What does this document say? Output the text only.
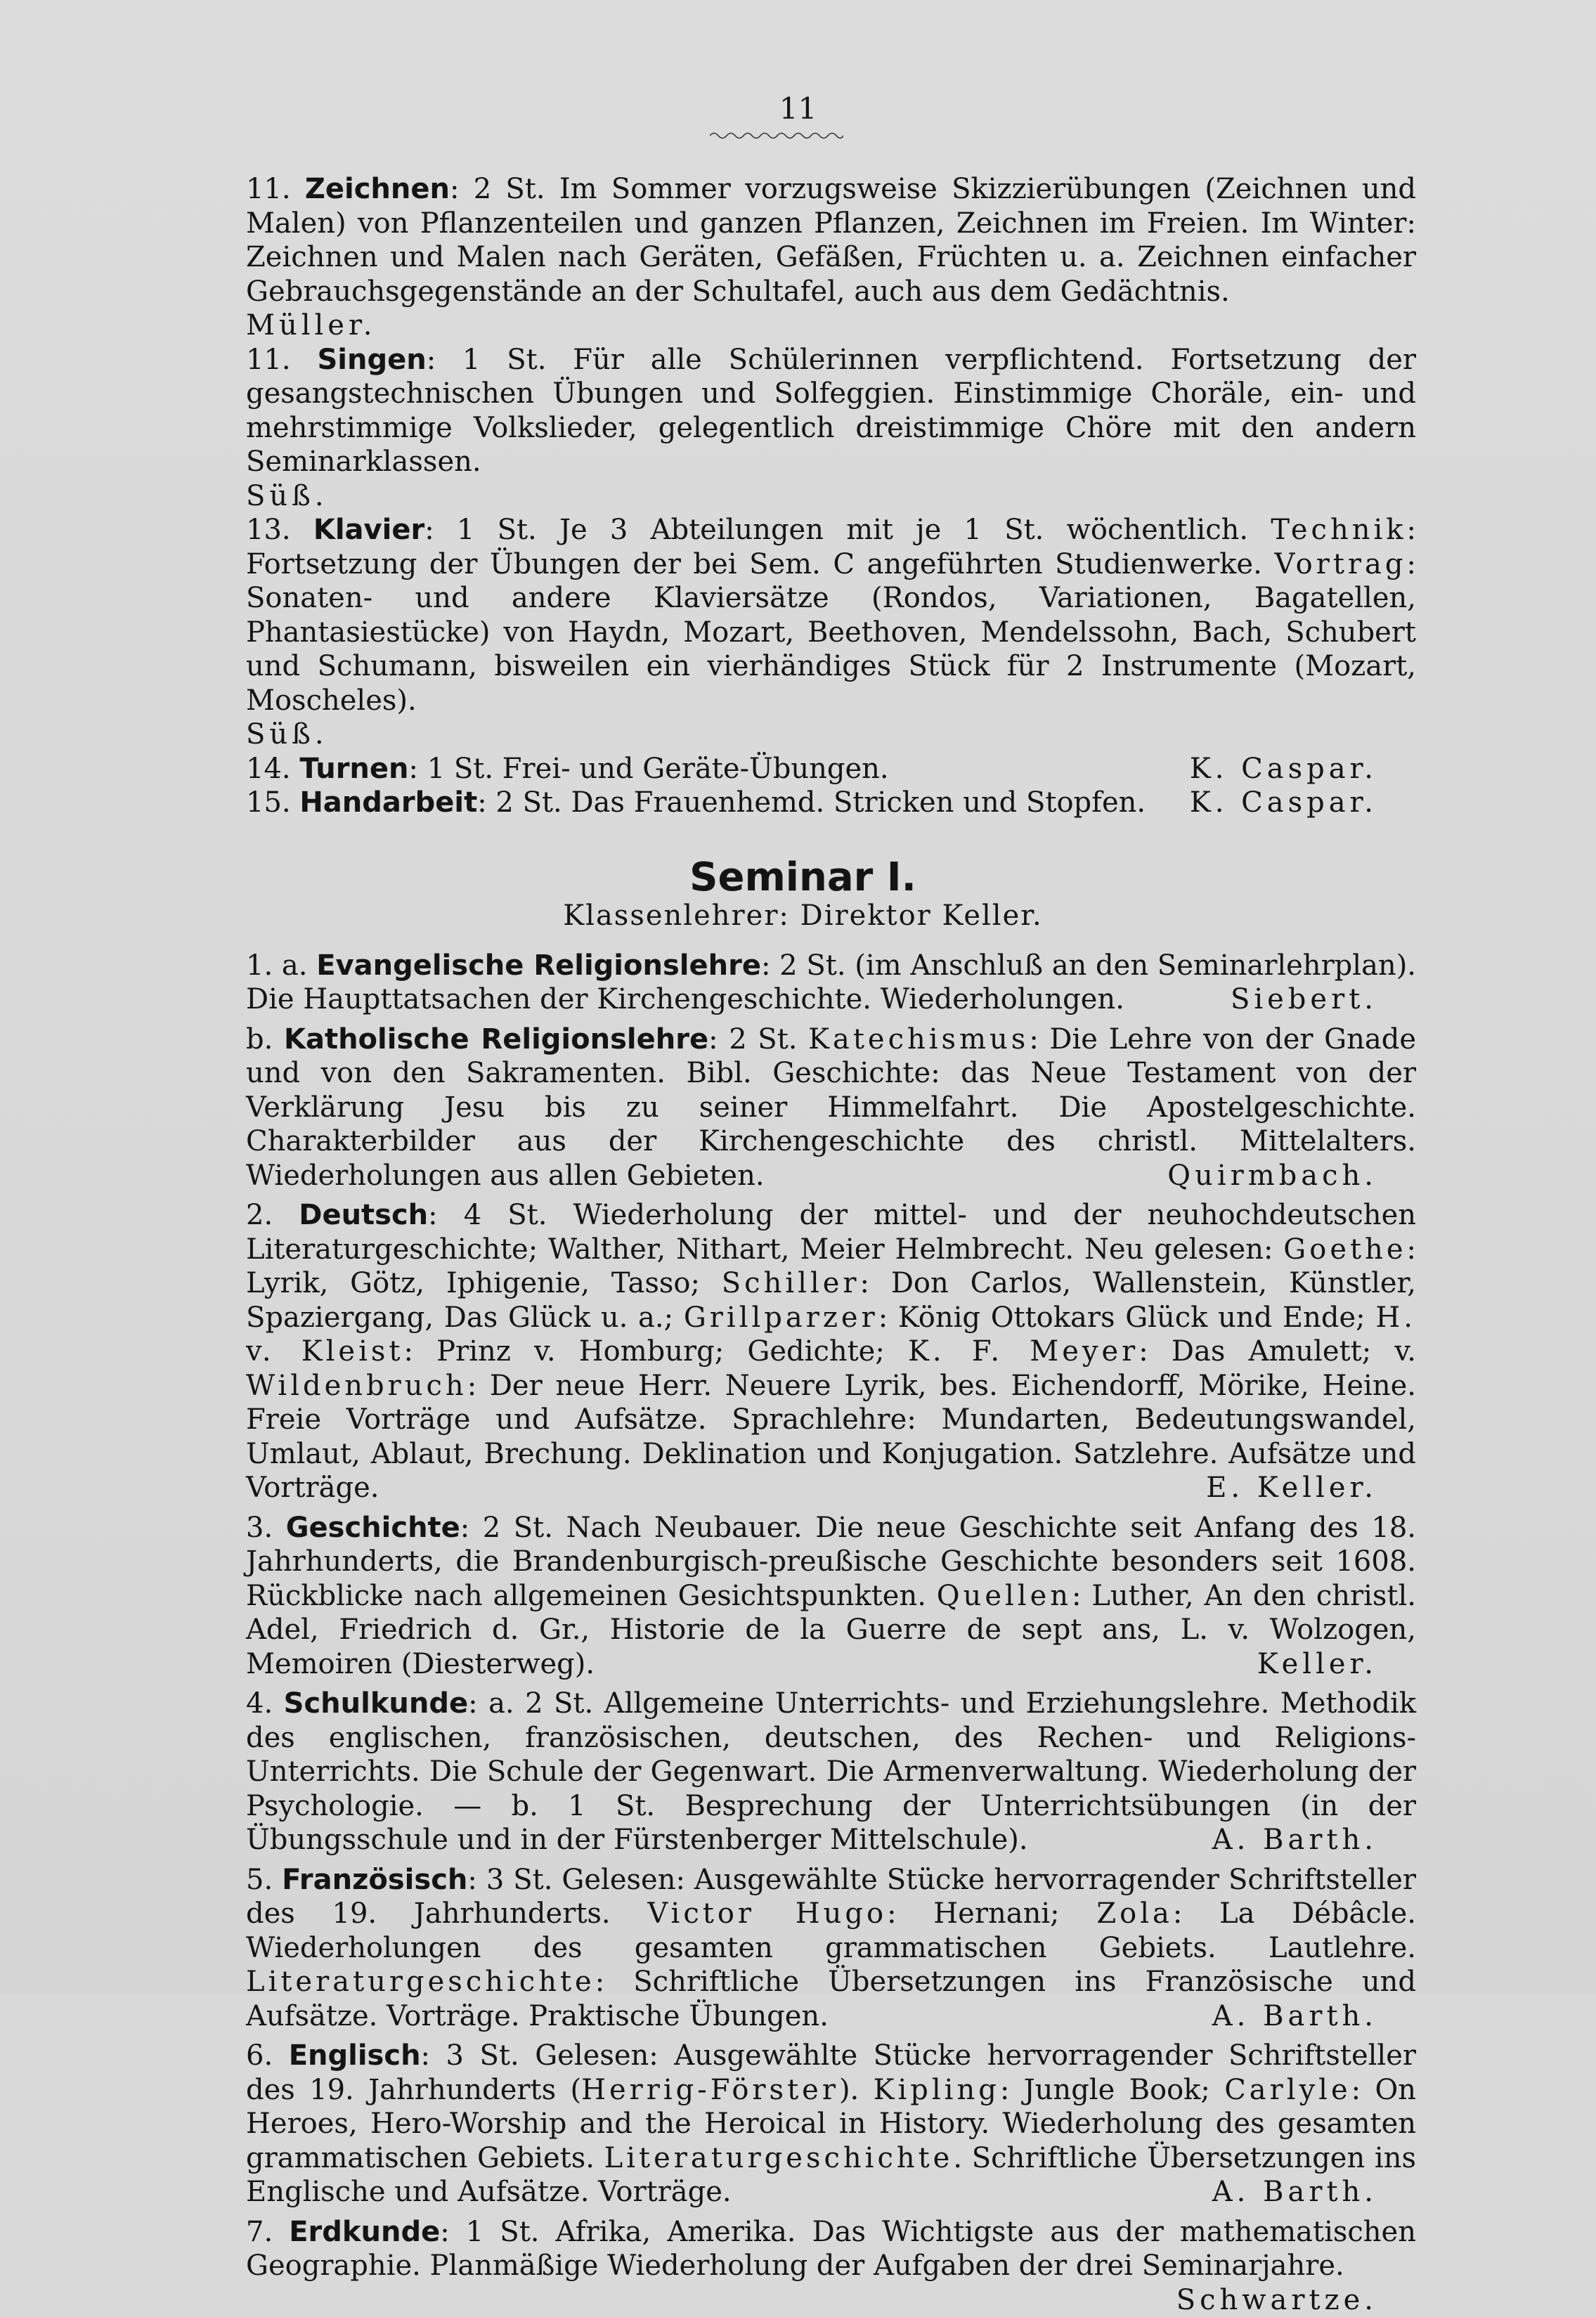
11

11. Zeichnen: 2 St. Im Sommer vorzugsweise Skizzierübungen (Zeichnen und Malen) von Pflanzenteilen und ganzen Pflanzen, Zeichnen im Freien. Im Winter: Zeichnen und Malen nach Geräten, Gefäßen, Früchten u. a. Zeichnen einfacher Gebrauchsgegenstände an der Schultafel, auch aus dem Gedächtnis.
Müller.

11. Singen: 1 St. Für alle Schülerinnen verpflichtend. Fortsetzung der gesangstechnischen Übungen und Solfeggien. Einstimmige Choräle, ein- und mehrstimmige Volkslieder, gelegentlich dreistimmige Chöre mit den andern Seminarklassen.
Süß.

13. Klavier: 1 St. Je 3 Abteilungen mit je 1 St. wöchentlich. Technik: Fortsetzung der Übungen der bei Sem. C angeführten Studienwerke. Vortrag: Sonaten- und andere Klaviersätze (Rondos, Variationen, Bagatellen, Phantasiestücke) von Haydn, Mozart, Beethoven, Mendelssohn, Bach, Schubert und Schumann, bisweilen ein vierhändiges Stück für 2 Instrumente (Mozart, Moscheles).
Süß.

14. Turnen: 1 St. Frei- und Geräte-Übungen.	K. Caspar.

15. Handarbeit: 2 St. Das Frauenhemd. Stricken und Stopfen. K. Caspar.

Seminar I.
Klassenlehrer: Direktor Keller.

1. a. Evangelische Religionslehre: 2 St. (im Anschluß an den Seminarlehrplan). Die Haupttatsachen der Kirchengeschichte. Wiederholungen.	Siebert.

b. Katholische Religionslehre: 2 St. Katechismus: Die Lehre von der Gnade und von den Sakramenten. Bibl. Geschichte: das Neue Testament von der Verklärung Jesu bis zu seiner Himmelfahrt. Die Apostelgeschichte. Charakterbilder aus der Kirchengeschichte des christl. Mittelalters. Wiederholungen aus allen Gebieten.	Quirmbach.

2. Deutsch: 4 St. Wiederholung der mittel- und der neuhochdeutschen Literaturgeschichte; Walther, Nithart, Meier Helmbrecht. Neu gelesen: Goethe: Lyrik, Götz, Iphigenie, Tasso; Schiller: Don Carlos, Wallenstein, Künstler, Spaziergang, Das Glück u. a.; Grillparzer: König Ottokars Glück und Ende; H. v. Kleist: Prinz v. Homburg; Gedichte; K. F. Meyer: Das Amulett; v. Wildenbruch: Der neue Herr. Neuere Lyrik, bes. Eichendorff, Mörike, Heine. Freie Vorträge und Aufsätze. Sprachlehre: Mundarten, Bedeutungswandel, Umlaut, Ablaut, Brechung. Deklination und Konjugation. Satzlehre. Aufsätze und Vorträge.	E. Keller.

3. Geschichte: 2 St. Nach Neubauer. Die neue Geschichte seit Anfang des 18. Jahrhunderts, die Brandenburgisch-preußische Geschichte besonders seit 1608. Rückblicke nach allgemeinen Gesichtspunkten. Quellen: Luther, An den christl. Adel, Friedrich d. Gr., Historie de la Guerre de sept ans, L. v. Wolzogen, Memoiren (Diesterweg).	Keller.

4. Schulkunde: a. 2 St. Allgemeine Unterrichts- und Erziehungslehre. Methodik des englischen, französischen, deutschen, des Rechen- und Religions-Unterrichts. Die Schule der Gegenwart. Die Armenverwaltung. Wiederholung der Psychologie. — b. 1 St. Besprechung der Unterrichtsübungen (in der Übungsschule und in der Fürstenberger Mittelschule).	A. Barth.

5. Französisch: 3 St. Gelesen: Ausgewählte Stücke hervorragender Schriftsteller des 19. Jahrhunderts. Victor Hugo: Hernani; Zola: La Débâcle. Wiederholungen des gesamten grammatischen Gebiets. Lautlehre. Literaturgeschichte: Schriftliche Übersetzungen ins Französische und Aufsätze. Vorträge. Praktische Übungen.	A. Barth.

6. Englisch: 3 St. Gelesen: Ausgewählte Stücke hervorragender Schriftsteller des 19. Jahrhunderts (Herrig-Förster). Kipling: Jungle Book; Carlyle: On Heroes, Hero-Worship and the Heroical in History. Wiederholung des gesamten grammatischen Gebiets. Literaturgeschichte. Schriftliche Übersetzungen ins Englische und Aufsätze. Vorträge.	A. Barth.

7. Erdkunde: 1 St. Afrika, Amerika. Das Wichtigste aus der mathematischen Geographie. Planmäßige Wiederholung der Aufgaben der drei Seminarjahre.
Schwartze.
